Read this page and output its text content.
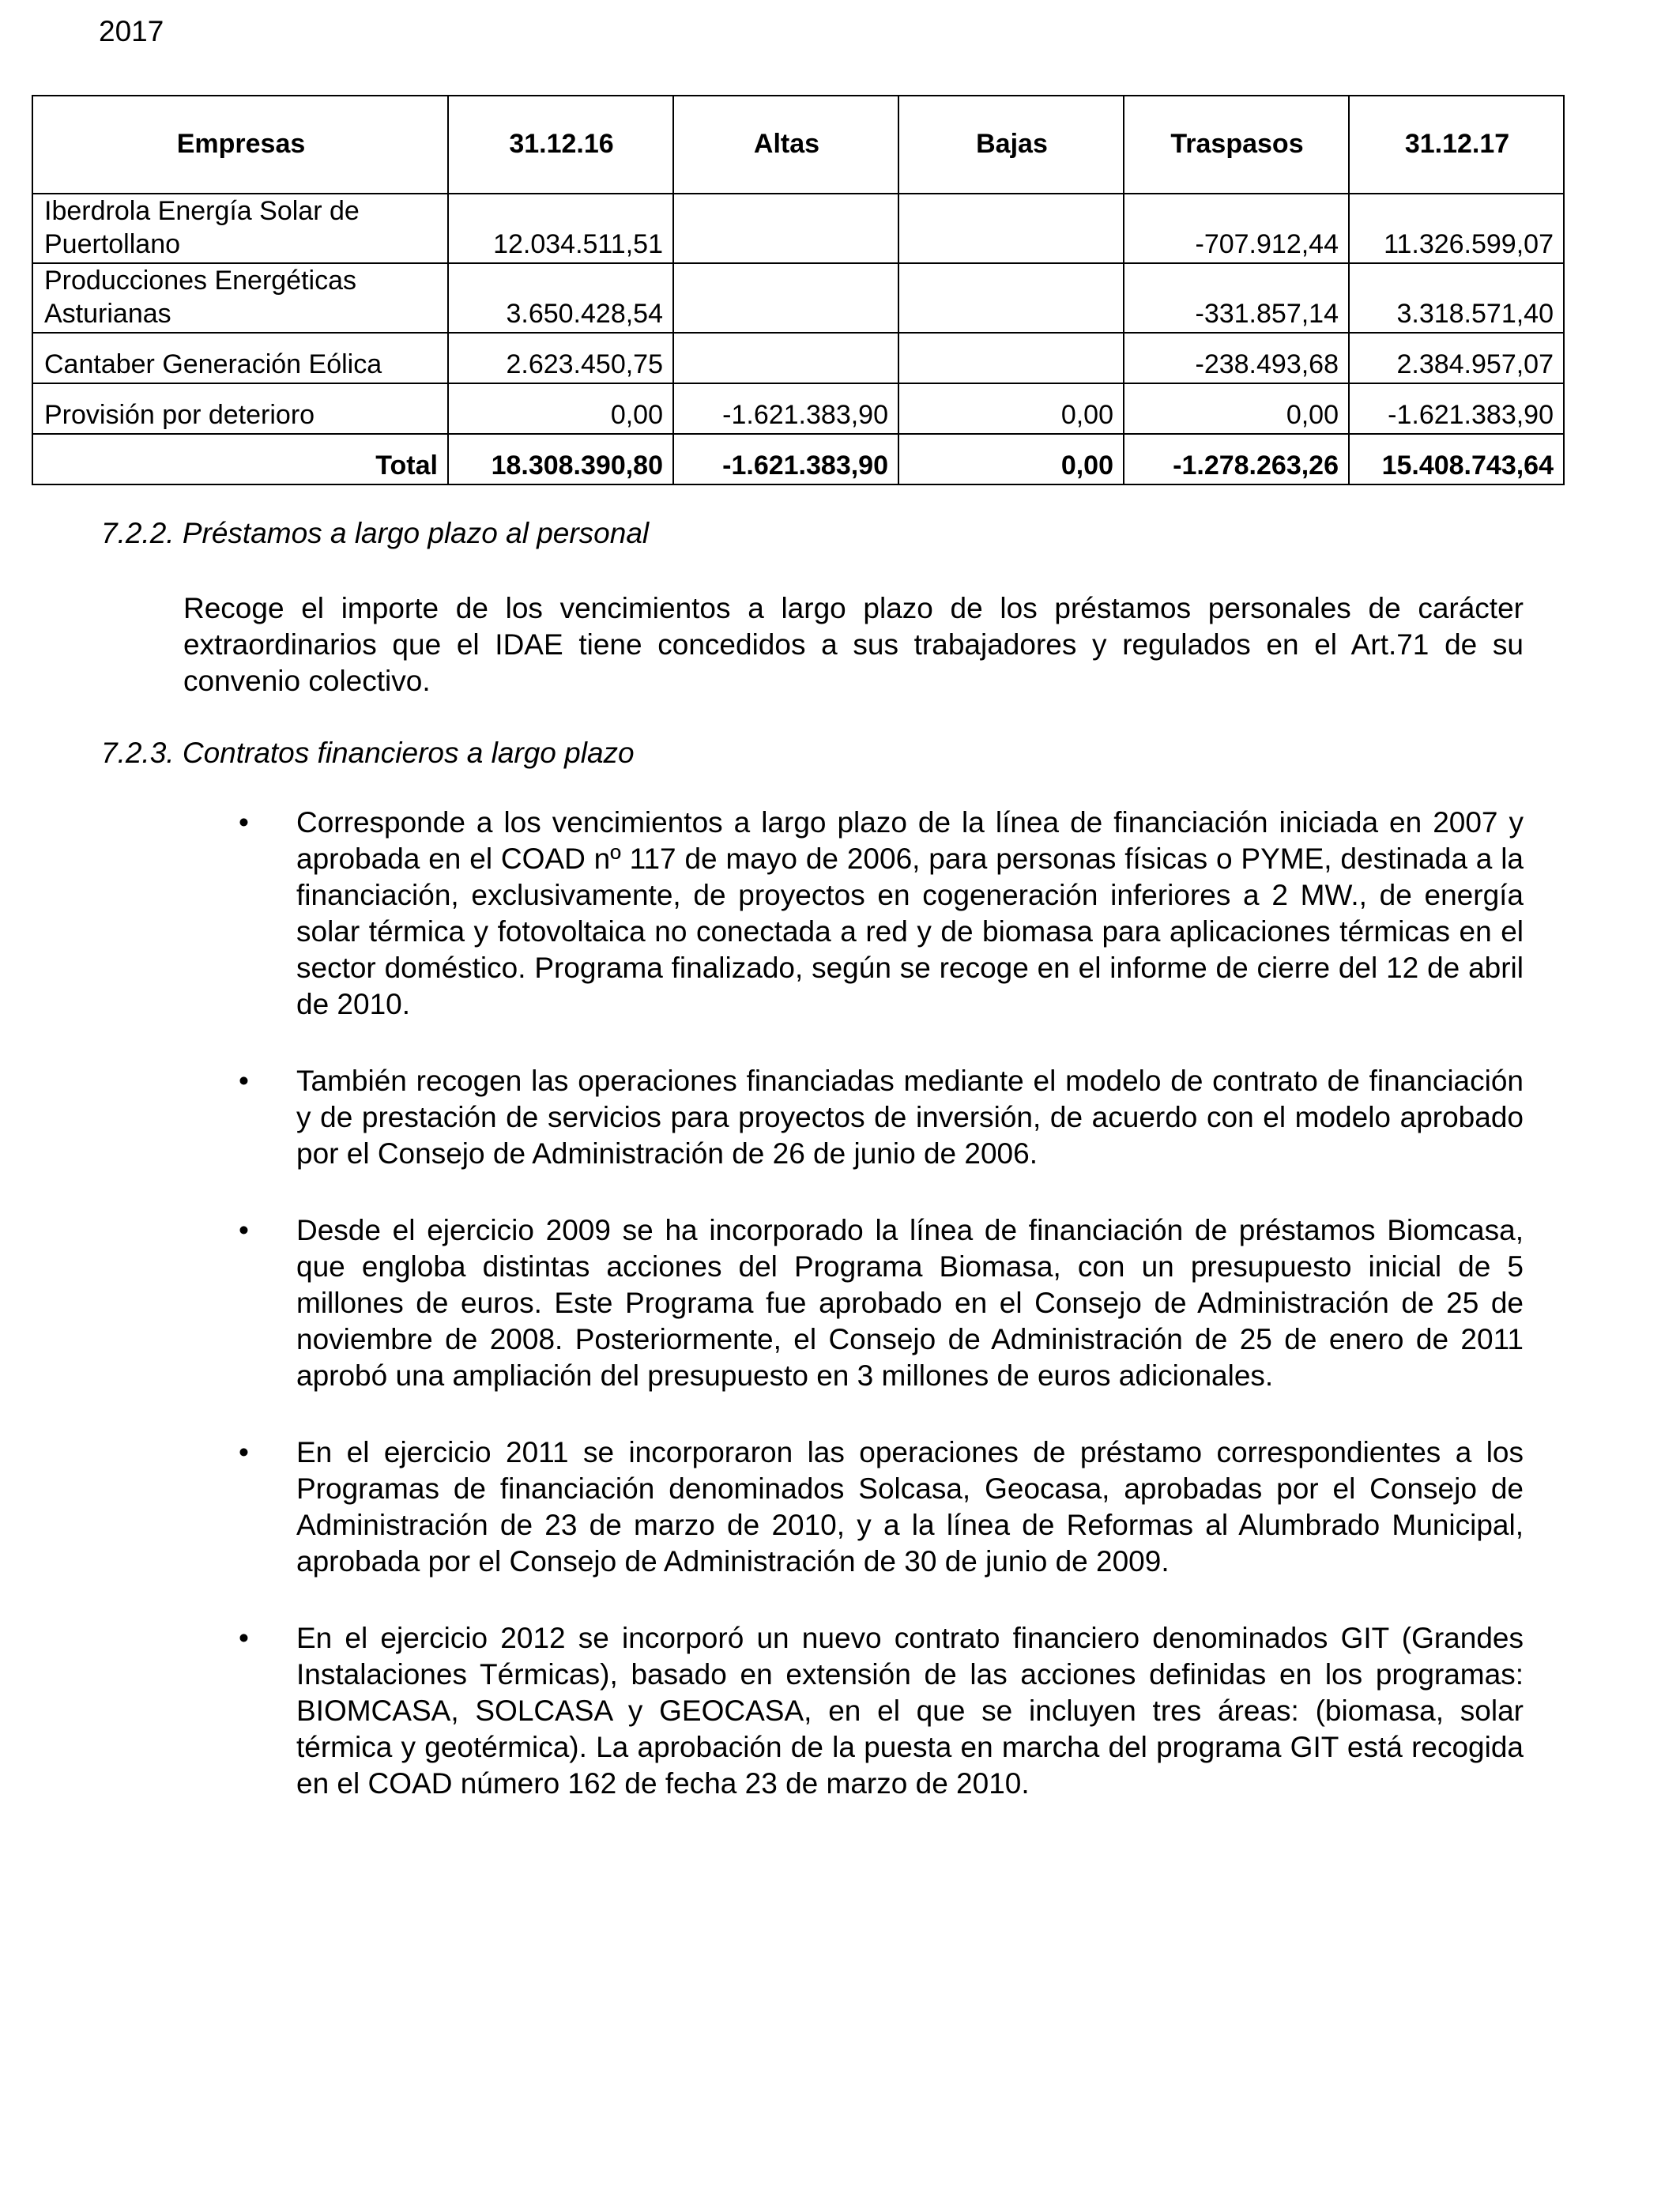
2017
Empresas	31.12.16	Altas	Bajas	Traspasos	31.12.17
Iberdrola Energía Solar de
Puertollano	12.034.511,51			-707.912,44	11.326.599,07
Producciones Energéticas
Asturianas	3.650.428,54			-331.857,14	3.318.571,40
Cantaber Generación Eólica	2.623.450,75			-238.493,68	2.384.957,07
Provisión por deterioro	0,00	-1.621.383,90	0,00	0,00	-1.621.383,90
Total	18.308.390,80	-1.621.383,90	0,00	-1.278.263,26	15.408.743,64
7.2.2. Préstamos a largo plazo al personal

Recoge el importe de los vencimientos a largo plazo de los préstamos personales de carácter extraordinarios que el IDAE tiene concedidos a sus trabajadores y regulados en el Art.71 de su convenio colectivo.

7.2.3. Contratos financieros a largo plazo
• Corresponde a los vencimientos a largo plazo de la línea de financiación iniciada en 2007 y aprobada en el COAD nº 117 de mayo de 2006, para personas físicas o PYME, destinada a la financiación, exclusivamente, de proyectos en cogeneración inferiores a 2 MW., de energía solar térmica y fotovoltaica no conectada a red y de biomasa para aplicaciones térmicas en el sector doméstico. Programa finalizado, según se recoge en el informe de cierre del 12 de abril de 2010.
• También recogen las operaciones financiadas mediante el modelo de contrato de financiación y de prestación de servicios para proyectos de inversión, de acuerdo con el modelo aprobado por el Consejo de Administración de 26 de junio de 2006.
• Desde el ejercicio 2009 se ha incorporado la línea de financiación de préstamos Biomcasa, que engloba distintas acciones del Programa Biomasa, con un presupuesto inicial de 5 millones de euros. Este Programa fue aprobado en el Consejo de Administración de 25 de noviembre de 2008. Posteriormente, el Consejo de Administración de 25 de enero de 2011 aprobó una ampliación del presupuesto en 3 millones de euros adicionales.
• En el ejercicio 2011 se incorporaron las operaciones de préstamo correspondientes a los Programas de financiación denominados Solcasa, Geocasa, aprobadas por el Consejo de Administración de 23 de marzo de 2010, y a la línea de Reformas al Alumbrado Municipal, aprobada por el Consejo de Administración de 30 de junio de 2009.
• En el ejercicio 2012 se incorporó un nuevo contrato financiero denominados GIT (Grandes Instalaciones Térmicas), basado en extensión de las acciones definidas en los programas: BIOMCASA, SOLCASA y GEOCASA, en el que se incluyen tres áreas: (biomasa, solar térmica y geotérmica). La aprobación de la puesta en marcha del programa GIT está recogida en el COAD número 162 de fecha 23 de marzo de 2010.
